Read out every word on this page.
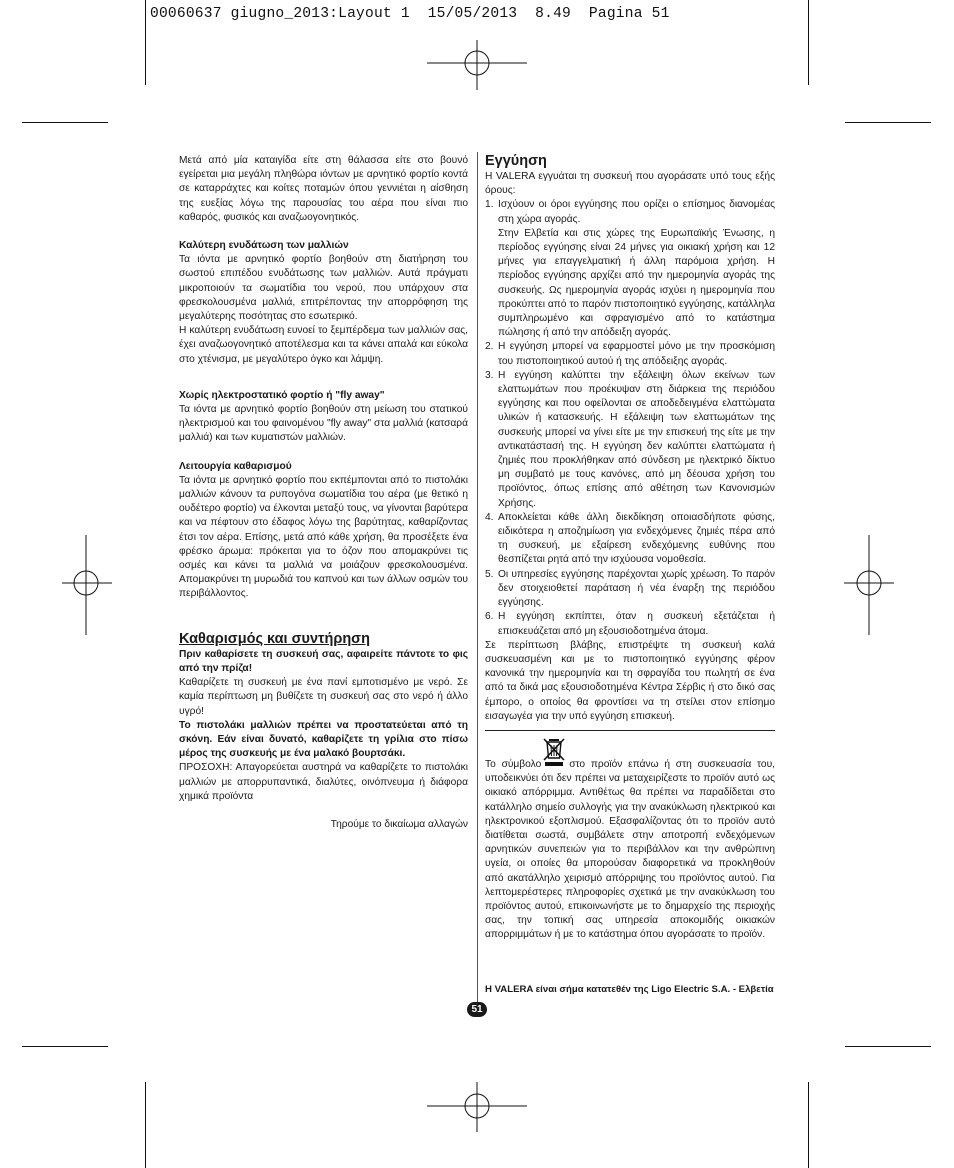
00060637 giugno_2013:Layout 1  15/05/2013  8.49  Pagina 51

Μετά από μία καταιγίδα είτε στη θάλασσα είτε στο βουνό εγείρεται μια μεγάλη πληθώρα ιόντων με αρνητικό φορτίο κοντά σε καταρράχτες και κοίτες ποταμών όπου γεννιέται η αίσθηση της ευεξίας λόγω της παρουσίας του αέρα που είναι πιο καθαρός, φυσικός και αναζωογονητικός.

Καλύτερη ενυδάτωση των μαλλιών

Τα ιόντα με αρνητικό φορτίο βοηθούν στη διατήρηση του σωστού επιπέδου ενυδάτωσης των μαλλιών. Αυτά πράγματι μικροποιούν τα σωματίδια του νερού, που υπάρχουν στα φρεσκολουσμένα μαλλιά, επιτρέποντας την απορρόφηση της μεγαλύτερης ποσότητας στο εσωτερικό.

Η καλύτερη ενυδάτωση ευνοεί το ξεμπέρδεμα των μαλλιών σας, έχει αναζωογονητικό αποτέλεσμα και τα κάνει απαλά και εύκολα στο χτένισμα, με μεγαλύτερο όγκο και λάμψη.

Χωρίς ηλεκτροστατικό φορτίο ή "fly away"

Τα ιόντα με αρνητικό φορτίο βοηθούν στη μείωση του στατικού ηλεκτρισμού και του φαινομένου "fly away" στα μαλλιά (κατσαρά μαλλιά) και των κυματιστών μαλλιών.

Λειτουργία καθαρισμού

Τα ιόντα με αρνητικό φορτίο που εκπέμπονται από το πιστολάκι μαλλιών κάνουν τα ρυπογόνα σωματίδια του αέρα (με θετικό η ουδέτερο φορτίο) να έλκονται μεταξύ τους, να γίνονται βαρύτερα και να πέφτουν στο έδαφος λόγω της βαρύτητας, καθαρίζοντας έτσι τον αέρα. Επίσης, μετά από κάθε χρήση, θα προσέξετε ένα φρέσκο άρωμα: πρόκειται για το όζον που απομακρύνει τις οσμές και κάνει τα μαλλιά να μοιάζουν φρεσκολουσμένα. Απομακρύνει τη μυρωδιά του καπνού και των άλλων οσμών του περιβάλλοντος.

Καθαρισμός και συντήρηση

Πριν καθαρίσετε τη συσκευή σας, αφαιρείτε πάντοτε το φις από την πρίζα!

Καθαρίζετε τη συσκευή με ένα πανί εμποτισμένο με νερό. Σε καμία περίπτωση μη βυθίζετε τη συσκευή σας στο νερό ή άλλο υγρό!

Το πιστολάκι μαλλιών πρέπει να προστατεύεται από τη σκόνη. Εάν είναι δυνατό, καθαρίζετε τη γρίλια στο πίσω μέρος της συσκευής με ένα μαλακό βουρτσάκι.

ΠΡΟΣΟΧΗ: Απαγορεύεται αυστηρά να καθαρίζετε το πιστολάκι μαλλιών με απορρυπαντικά, διαλύτες, οινόπνευμα ή διάφορα χημικά προϊόντα

Τηρούμε το δικαίωμα αλλαγών

Εγγύηση

Η VALERA εγγυάται τη συσκευή που αγοράσατε υπό τους εξής όρους:

1. Ισχύουν οι όροι εγγύησης που ορίζει ο επίσημος διανομέας στη χώρα αγοράς.
Στην Ελβετία και στις χώρες της Ευρωπαϊκής Ένωσης, η περίοδος εγγύησης είναι 24 μήνες για οικιακή χρήση και 12 μήνες για επαγγελματική ή άλλη παρόμοια χρήση. Η περίοδος εγγύησης αρχίζει από την ημερομηνία αγοράς της συσκευής. Ως ημερομηνία αγοράς ισχύει η ημερομηνία που προκύπτει από το παρόν πιστοποιητικό εγγύησης, κατάλληλα συμπληρωμένο και σφραγισμένο από το κατάστημα πώλησης ή από την απόδειξη αγοράς.
2. Η εγγύηση μπορεί να εφαρμοστεί μόνο με την προσκόμιση του πιστοποιητικού αυτού ή της απόδειξης αγοράς.
3. Η εγγύηση καλύπτει την εξάλειψη όλων εκείνων των ελαττωμάτων που προέκυψαν στη διάρκεια της περιόδου εγγύησης και που οφείλονται σε αποδεδειγμένα ελαττώματα υλικών ή κατασκευής. Η εξάλειψη των ελαττωμάτων της συσκευής μπορεί να γίνει είτε με την επισκευή της είτε με την αντικατάστασή της. Η εγγύηση δεν καλύπτει ελαττώματα ή ζημιές που προκλήθηκαν από σύνδεση με ηλεκτρικό δίκτυο μη συμβατό με τους κανόνες, από μη δέουσα χρήση του προϊόντος, όπως επίσης από αθέτηση των Κανονισμών Χρήσης.
4. Αποκλείεται κάθε άλλη διεκδίκηση οποιασδήποτε φύσης, ειδικότερα η αποζημίωση για ενδεχόμενες ζημιές πέρα από τη συσκευή, με εξαίρεση ενδεχόμενης ευθύνης που θεσπίζεται ρητά από την ισχύουσα νομοθεσία.
5. Οι υπηρεσίες εγγύησης παρέχονται χωρίς χρέωση. Το παρόν δεν στοιχειοθετεί παράταση ή νέα έναρξη της περιόδου εγγύησης.
6. Η εγγύηση εκπίπτει, όταν η συσκευή εξετάζεται ή επισκευάζεται από μη εξουσιοδοτημένα άτομα.

Σε περίπτωση βλάβης, επιστρέψτε τη συσκευή καλά συσκευασμένη και με το πιστοποιητικό εγγύησης φέρον κανονικά την ημερομηνία και τη σφραγίδα του πωλητή σε ένα από τα δικά μας εξουσιοδοτημένα Κέντρα Σέρβις ή στο δικό σας έμπορο, ο οποίος θα φροντίσει να τη στείλει στον επίσημο εισαγωγέα για την υπό εγγύηση επισκευή.

Το σύμβολο	στο προϊόν επάνω ή στη συσκευασία του, υποδεικνύει ότι δεν πρέπει να μεταχειρίζεστε το προϊόν αυτό ως οικιακό απόρριμμα. Αντιθέτως θα πρέπει να παραδίδεται στο κατάλληλο σημείο συλλογής για την ανακύκλωση ηλεκτρικού και ηλεκτρονικού εξοπλισμού. Εξασφαλίζοντας ότι το προϊόν αυτό διατίθεται σωστά, συμβάλετε στην αποτροπή ενδεχόμενων αρνητικών συνεπειών για το περιβάλλον και την ανθρώπινη υγεία, οι οποίες θα μπορούσαν διαφορετικά να προκληθούν από ακατάλληλο χειρισμό απόρριψης του προϊόντος αυτού. Για λεπτομερέστερες πληροφορίες σχετικά με την ανακύκλωση του προϊόντος αυτού, επικοινωνήστε με το δημαρχείο της περιοχής σας, την τοπική σας υπηρεσία αποκομιδής οικιακών απορριμμάτων ή με το κατάστημα όπου αγοράσατε το προϊόν.

H VALERA είναι σήμα κατατεθέν της Ligo Electric S.A. - Ελβετία

51
